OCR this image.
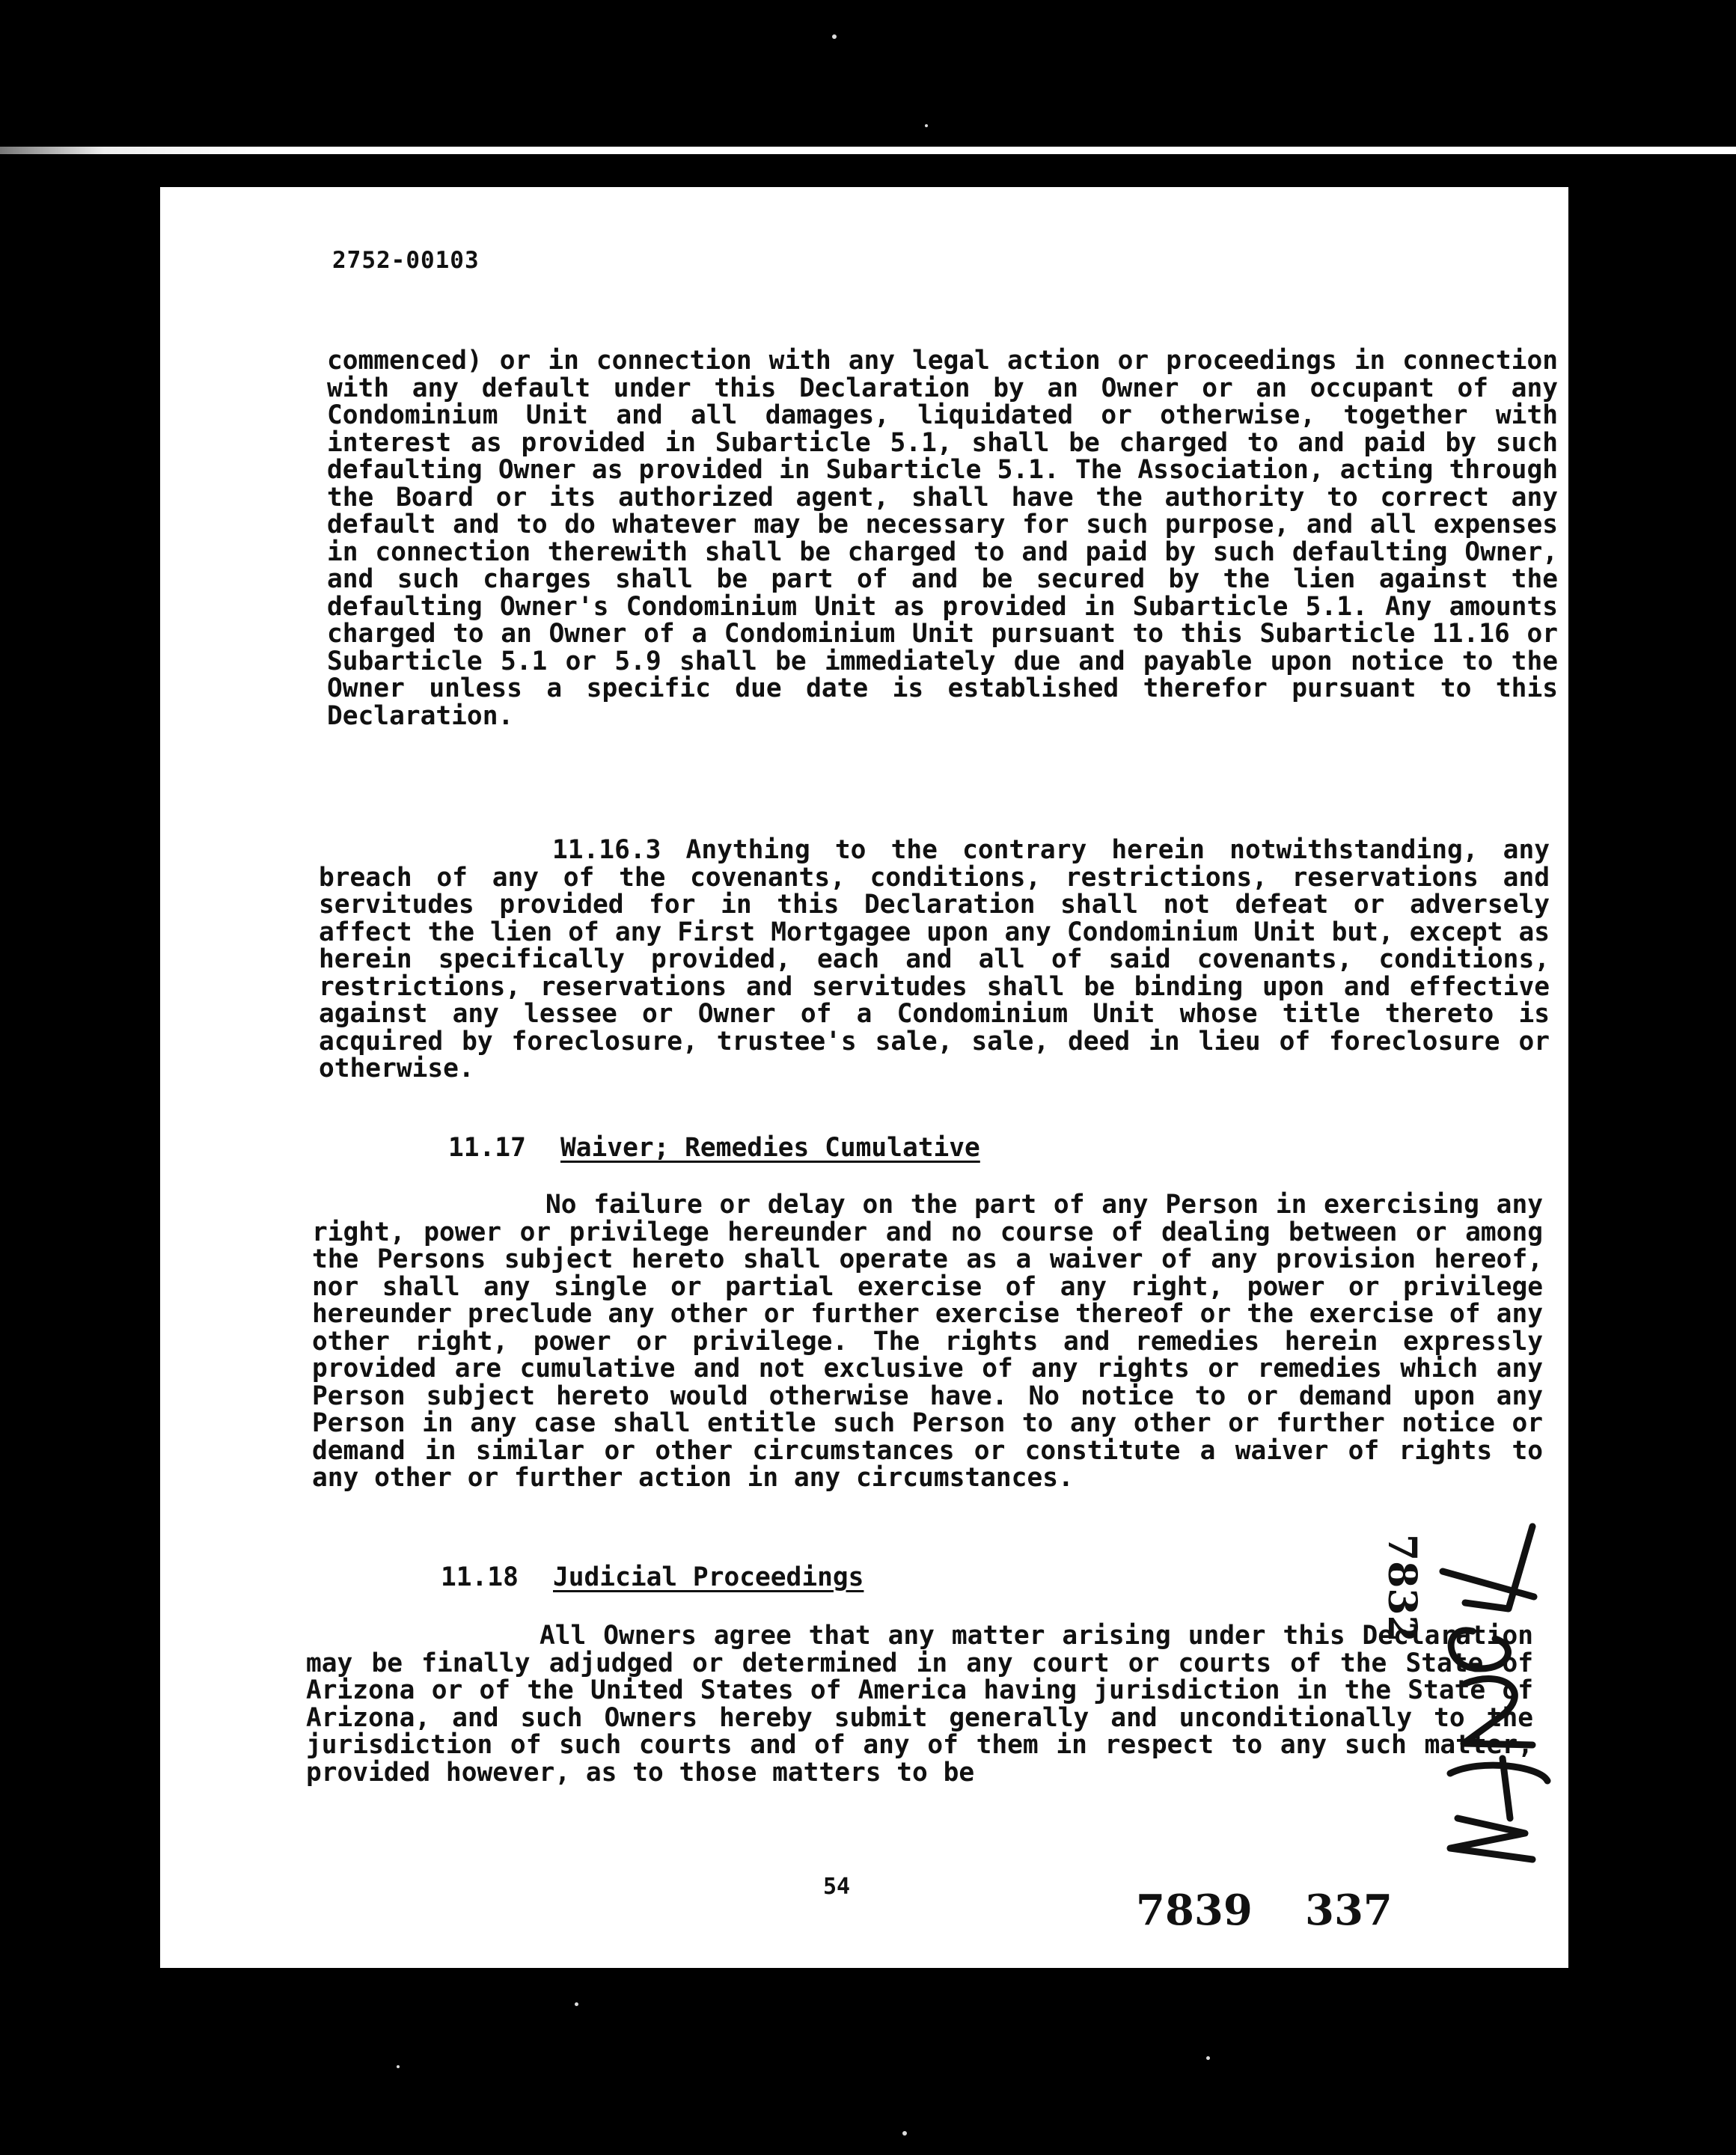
2752-00103

commenced) or in connection with any legal action or proceedings in connection with any default under this Declaration by an Owner or an occupant of any Condominium Unit and all damages, liquidated or otherwise, together with interest as provided in Subarticle 5.1, shall be charged to and paid by such defaulting Owner as provided in Subarticle 5.1. The Association, acting through the Board or its authorized agent, shall have the authority to correct any default and to do whatever may be necessary for such purpose, and all expenses in connection therewith shall be charged to and paid by such defaulting Owner, and such charges shall be part of and be secured by the lien against the defaulting Owner's Condominium Unit as provided in Subarticle 5.1. Any amounts charged to an Owner of a Condominium Unit pursuant to this Subarticle 11.16 or Subarticle 5.1 or 5.9 shall be immediately due and payable upon notice to the Owner unless a specific due date is established therefor pursuant to this Declaration.

11.16.3 Anything to the contrary herein notwithstanding, any breach of any of the covenants, conditions, restrictions, reservations and servitudes provided for in this Declaration shall not defeat or adversely affect the lien of any First Mortgagee upon any Condominium Unit but, except as herein specifically provided, each and all of said covenants, conditions, restrictions, reservations and servitudes shall be binding upon and effective against any lessee or Owner of a Condominium Unit whose title thereto is acquired by foreclosure, trustee's sale, sale, deed in lieu of foreclosure or otherwise.

11.17 Waiver; Remedies Cumulative

No failure or delay on the part of any Person in exercising any right, power or privilege hereunder and no course of dealing between or among the Persons subject hereto shall operate as a waiver of any provision hereof, nor shall any single or partial exercise of any right, power or privilege hereunder preclude any other or further exercise thereof or the exercise of any other right, power or privilege. The rights and remedies herein expressly provided are cumulative and not exclusive of any rights or remedies which any Person subject hereto would otherwise have. No notice to or demand upon any Person in any case shall entitle such Person to any other or further notice or demand in similar or other circumstances or constitute a waiver of rights to any other or further action in any circumstances.

11.18 Judicial Proceedings

All Owners agree that any matter arising under this Declaration may be finally adjudged or determined in any court or courts of the State of Arizona or of the United States of America having jurisdiction in the State of Arizona, and such Owners hereby submit generally and unconditionally to the jurisdiction of such courts and of any of them in respect to any such matter, provided however, as to those matters to be

54	7839 337
7832
